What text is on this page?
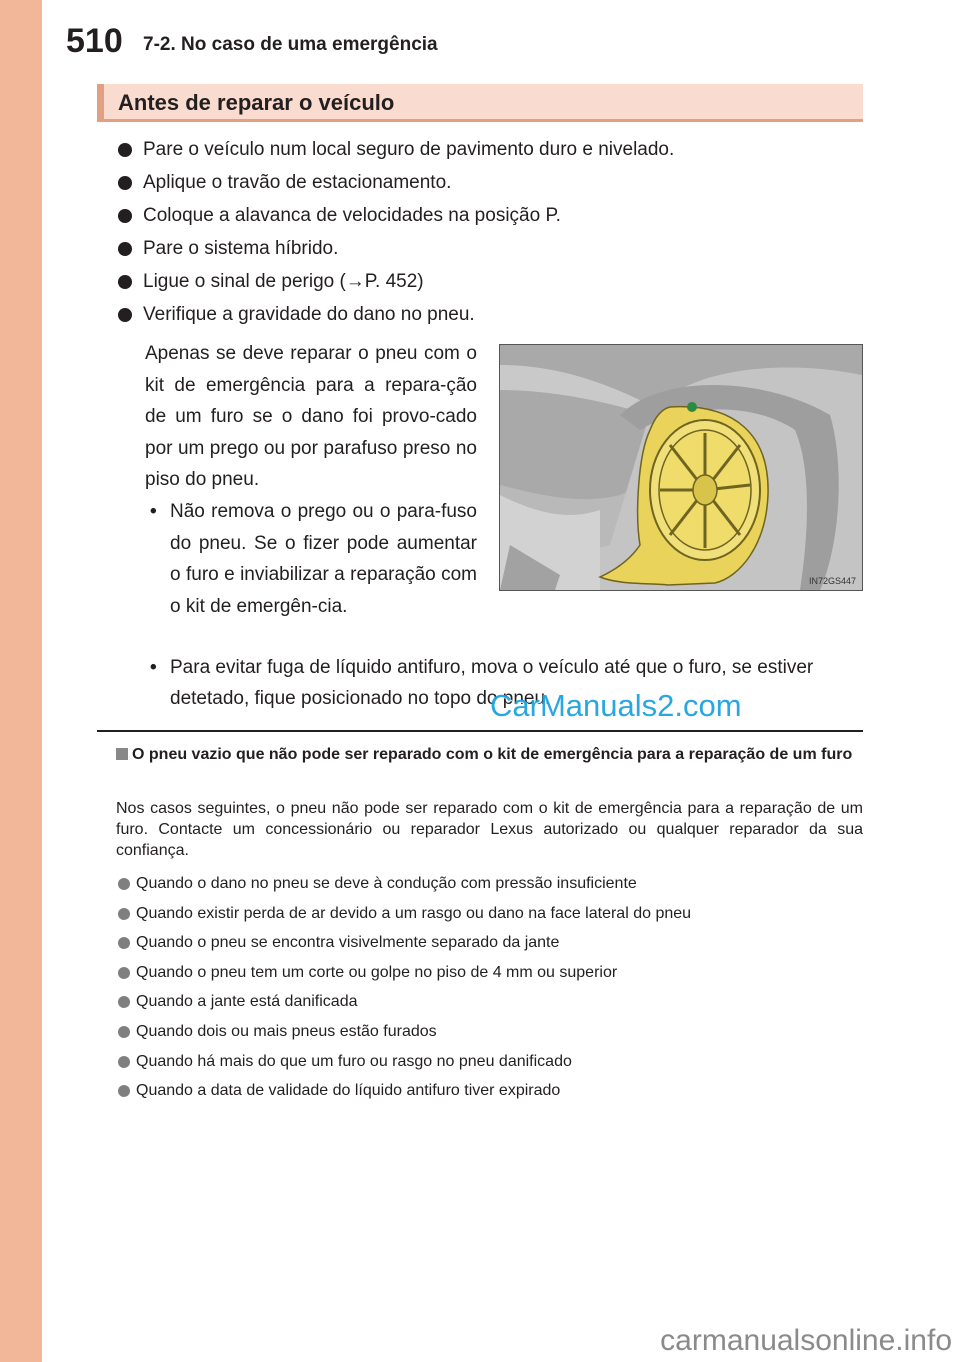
510 7-2. No caso de uma emergência
Antes de reparar o veículo
Pare o veículo num local seguro de pavimento duro e nivelado.
Aplique o travão de estacionamento.
Coloque a alavanca de velocidades na posição P.
Pare o sistema híbrido.
Ligue o sinal de perigo (→P. 452)
Verifique a gravidade do dano no pneu.
Apenas se deve reparar o pneu com o kit de emergência para a repara-ção de um furo se o dano foi provo-cado por um prego ou por parafuso preso no piso do pneu.
• Não remova o prego ou o para-fuso do pneu. Se o fizer pode aumentar o furo e inviabilizar a reparação com o kit de emergên-cia.
• Para evitar fuga de líquido antifuro, mova o veículo até que o furo, se estiver detetado, fique posicionado no topo do pneu.
IN72GS447
CarManuals2.com
O pneu vazio que não pode ser reparado com o kit de emergência para a reparação de um furo
Nos casos seguintes, o pneu não pode ser reparado com o kit de emergência para a reparação de um furo. Contacte um concessionário ou reparador Lexus autorizado ou qualquer reparador da sua confiança.
Quando o dano no pneu se deve à condução com pressão insuficiente
Quando existir perda de ar devido a um rasgo ou dano na face lateral do pneu
Quando o pneu se encontra visivelmente separado da jante
Quando o pneu tem um corte ou golpe no piso de 4 mm ou superior
Quando a jante está danificada
Quando dois ou mais pneus estão furados
Quando há mais do que um furo ou rasgo no pneu danificado
Quando a data de validade do líquido antifuro tiver expirado
carmanualsonline.info
